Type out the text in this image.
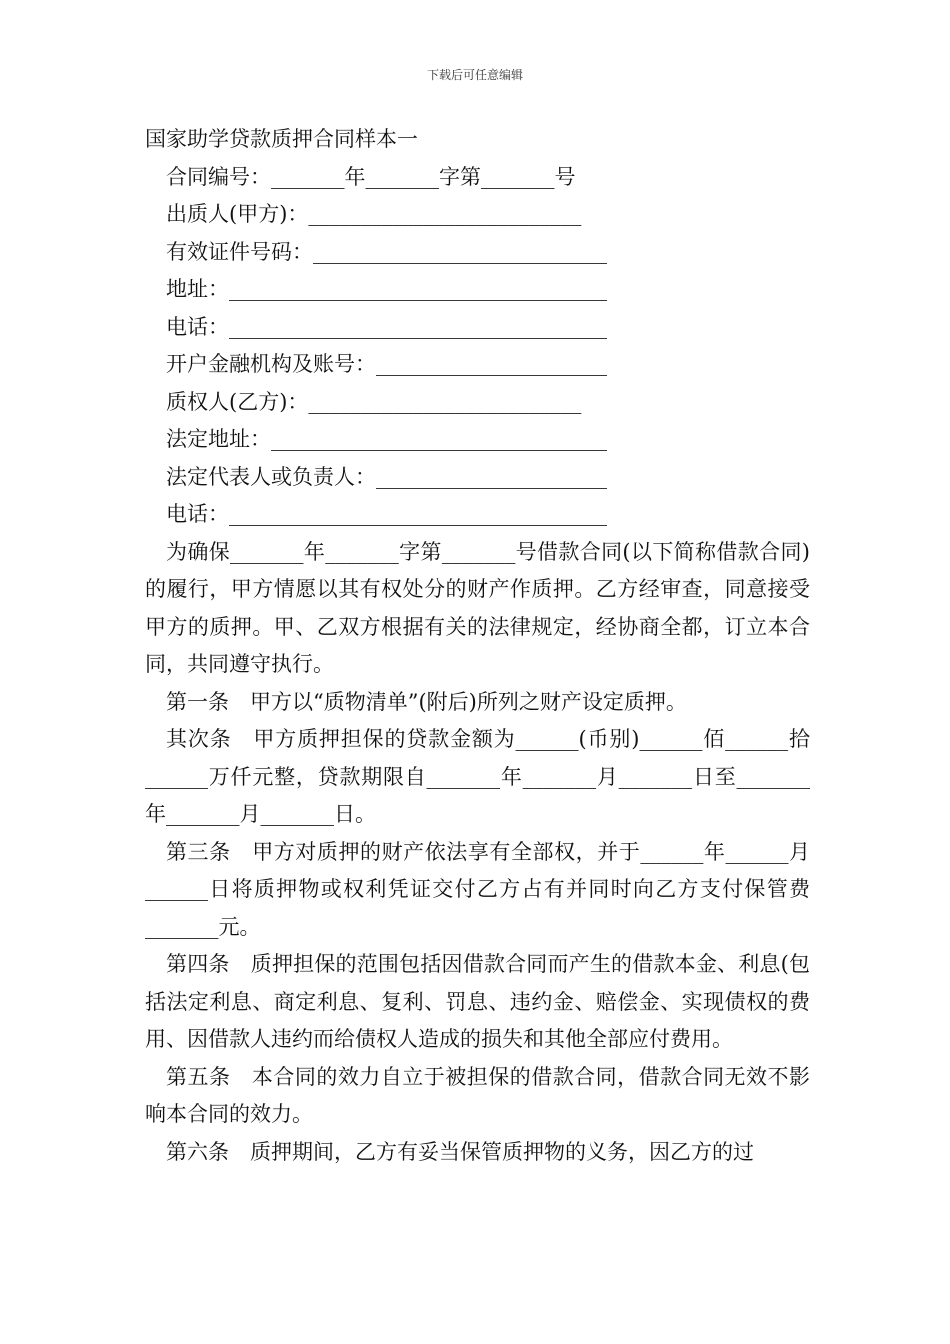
下载后可任意编辑
国家助学贷款质押合同样本一
合同编号：_______年_______字第_______号
出质人(甲方)：__________________________
有效证件号码：____________________________
地址：____________________________________
电话：____________________________________
开户金融机构及账号：______________________
质权人(乙方)：__________________________
法定地址：________________________________
法定代表人或负责人：______________________
电话：____________________________________

为确保_______年_______字第_______号借款合同(以下简称借款合同)的履行，甲方情愿以其有权处分的财产作质押。乙方经审查，同意接受甲方的质押。甲、乙双方根据有关的法律规定，经协商全都，订立本合同，共同遵守执行。

第一条　甲方以“质物清单”(附后)所列之财产设定质押。

其次条　甲方质押担保的贷款金额为______(币别)______佰______拾______万仟元整，贷款期限自_______年_______月_______日至_______年_______月_______日。

第三条　甲方对质押的财产依法享有全部权，并于______年______月______日将质押物或权利凭证交付乙方占有并同时向乙方支付保管费_______元。

第四条　质押担保的范围包括因借款合同而产生的借款本金、利息(包括法定利息、商定利息、复利、罚息、违约金、赔偿金、实现债权的费用、因借款人违约而给债权人造成的损失和其他全部应付费用。

第五条　本合同的效力自立于被担保的借款合同，借款合同无效不影响本合同的效力。

第六条　质押期间，乙方有妥当保管质押物的义务，因乙方的过
